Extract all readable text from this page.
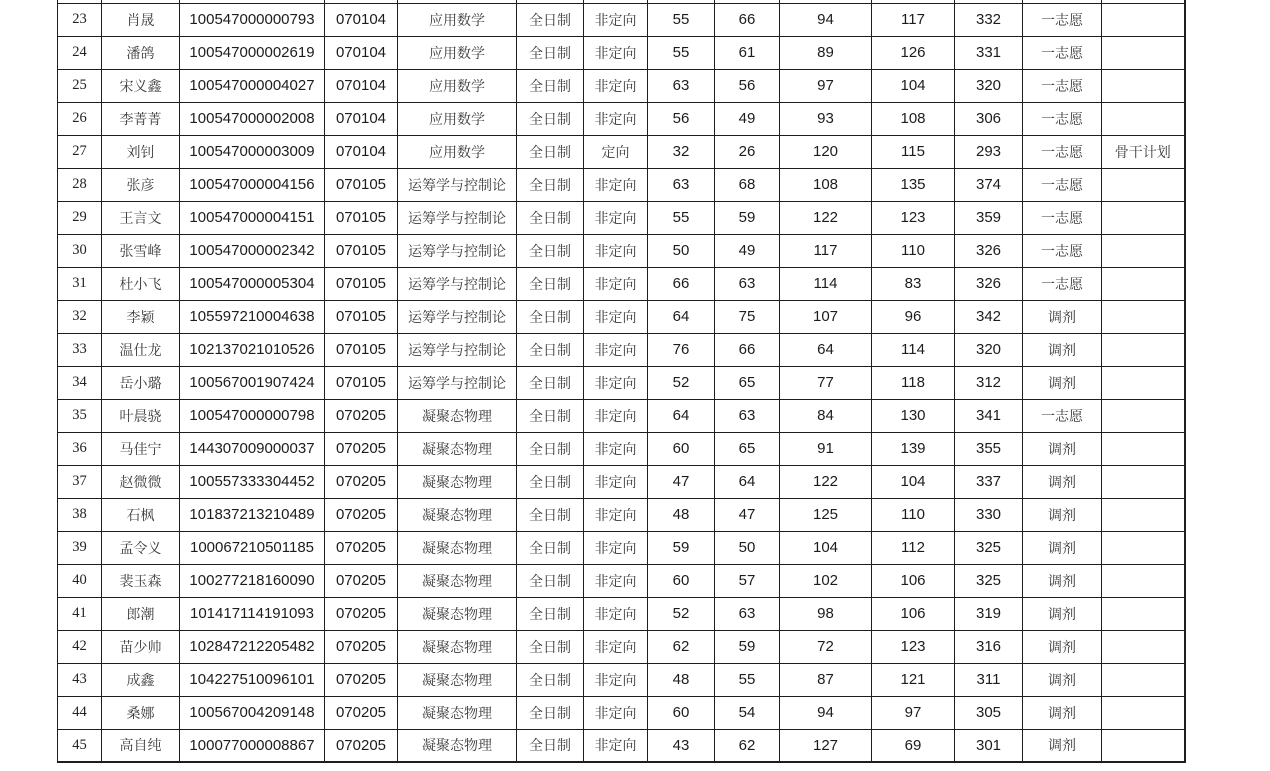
23	肖晟	100547000000793	070104	应用数学	全日制	非定向	55	66	94	117	332	一志愿	
24	潘鸽	100547000002619	070104	应用数学	全日制	非定向	55	61	89	126	331	一志愿	
25	宋义鑫	100547000004027	070104	应用数学	全日制	非定向	63	56	97	104	320	一志愿	
26	李菁菁	100547000002008	070104	应用数学	全日制	非定向	56	49	93	108	306	一志愿	
27	刘钊	100547000003009	070104	应用数学	全日制	定向	32	26	120	115	293	一志愿	骨干计划
28	张彦	100547000004156	070105	运筹学与控制论	全日制	非定向	63	68	108	135	374	一志愿	
29	王言文	100547000004151	070105	运筹学与控制论	全日制	非定向	55	59	122	123	359	一志愿	
30	张雪峰	100547000002342	070105	运筹学与控制论	全日制	非定向	50	49	117	110	326	一志愿	
31	杜小飞	100547000005304	070105	运筹学与控制论	全日制	非定向	66	63	114	83	326	一志愿	
32	李颖	105597210004638	070105	运筹学与控制论	全日制	非定向	64	75	107	96	342	调剂	
33	温仕龙	102137021010526	070105	运筹学与控制论	全日制	非定向	76	66	64	114	320	调剂	
34	岳小璐	100567001907424	070105	运筹学与控制论	全日制	非定向	52	65	77	118	312	调剂	
35	叶晨骁	100547000000798	070205	凝聚态物理	全日制	非定向	64	63	84	130	341	一志愿	
36	马佳宁	144307009000037	070205	凝聚态物理	全日制	非定向	60	65	91	139	355	调剂	
37	赵微微	100557333304452	070205	凝聚态物理	全日制	非定向	47	64	122	104	337	调剂	
38	石枫	101837213210489	070205	凝聚态物理	全日制	非定向	48	47	125	110	330	调剂	
39	孟令义	100067210501185	070205	凝聚态物理	全日制	非定向	59	50	104	112	325	调剂	
40	裴玉森	100277218160090	070205	凝聚态物理	全日制	非定向	60	57	102	106	325	调剂	
41	郎潮	101417114191093	070205	凝聚态物理	全日制	非定向	52	63	98	106	319	调剂	
42	苗少帅	102847212205482	070205	凝聚态物理	全日制	非定向	62	59	72	123	316	调剂	
43	成鑫	104227510096101	070205	凝聚态物理	全日制	非定向	48	55	87	121	311	调剂	
44	桑娜	100567004209148	070205	凝聚态物理	全日制	非定向	60	54	94	97	305	调剂	
45	高自纯	100077000008867	070205	凝聚态物理	全日制	非定向	43	62	127	69	301	调剂	
